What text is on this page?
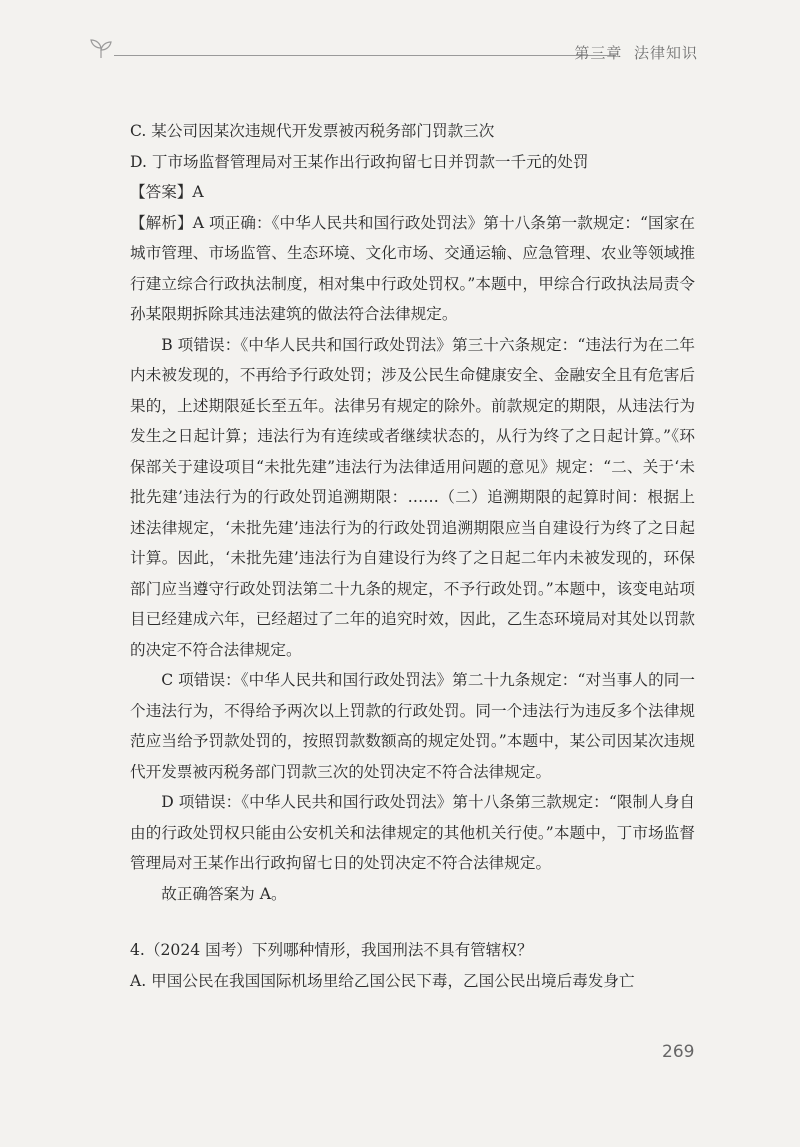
第三章 法律知识

C. 某公司因某次违规代开发票被丙税务部门罚款三次

D. 丁市场监督管理局对王某作出行政拘留七日并罚款一千元的处罚

【答案】A

【解析】A 项正确：《中华人民共和国行政处罚法》第十八条第一款规定：“国家在城市管理、市场监管、生态环境、文化市场、交通运输、应急管理、农业等领域推行建立综合行政执法制度，相对集中行政处罚权。”本题中，甲综合行政执法局责令孙某限期拆除其违法建筑的做法符合法律规定。

B 项错误：《中华人民共和国行政处罚法》第三十六条规定：“违法行为在二年内未被发现的，不再给予行政处罚；涉及公民生命健康安全、金融安全且有危害后果的，上述期限延长至五年。法律另有规定的除外。前款规定的期限，从违法行为发生之日起计算；违法行为有连续或者继续状态的，从行为终了之日起计算。”《环保部关于建设项目“未批先建”违法行为法律适用问题的意见》规定：“二、关于‘未批先建’违法行为的行政处罚追溯期限：……（二）追溯期限的起算时间：根据上述法律规定，‘未批先建’违法行为的行政处罚追溯期限应当自建设行为终了之日起计算。因此，‘未批先建’违法行为自建设行为终了之日起二年内未被发现的，环保部门应当遵守行政处罚法第二十九条的规定，不予行政处罚。”本题中，该变电站项目已经建成六年，已经超过了二年的追究时效，因此，乙生态环境局对其处以罚款的决定不符合法律规定。

C 项错误：《中华人民共和国行政处罚法》第二十九条规定：“对当事人的同一个违法行为，不得给予两次以上罚款的行政处罚。同一个违法行为违反多个法律规范应当给予罚款处罚的，按照罚款数额高的规定处罚。”本题中，某公司因某次违规代开发票被丙税务部门罚款三次的处罚决定不符合法律规定。

D 项错误：《中华人民共和国行政处罚法》第十八条第三款规定：“限制人身自由的行政处罚权只能由公安机关和法律规定的其他机关行使。”本题中，丁市场监督管理局对王某作出行政拘留七日的处罚决定不符合法律规定。

故正确答案为 A。

4.（2024 国考）下列哪种情形，我国刑法不具有管辖权？

A. 甲国公民在我国国际机场里给乙国公民下毒，乙国公民出境后毒发身亡

269
